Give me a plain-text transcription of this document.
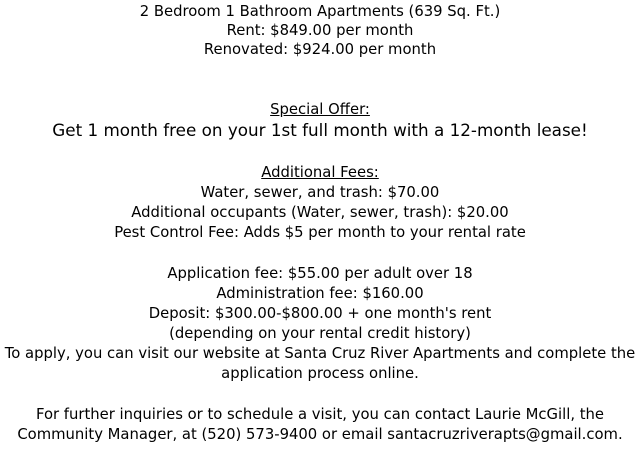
2 Bedroom 1 Bathroom Apartments (639 Sq. Ft.)
Rent: $849.00 per month
Renovated: $924.00 per month
Special Offer:
Get 1 month free on your 1st full month with a 12-month lease!
Additional Fees:
Water, sewer, and trash: $70.00
Additional occupants (Water, sewer, trash): $20.00
Pest Control Fee: Adds $5 per month to your rental rate
Application fee: $55.00 per adult over 18
Administration fee: $160.00
Deposit: $300.00-$800.00 + one month's rent
(depending on your rental credit history)
To apply, you can visit our website at Santa Cruz River Apartments and complete the
application process online.
For further inquiries or to schedule a visit, you can contact Laurie McGill, the
Community Manager, at (520) 573-9400 or email santacruzriverapts@gmail.com.
